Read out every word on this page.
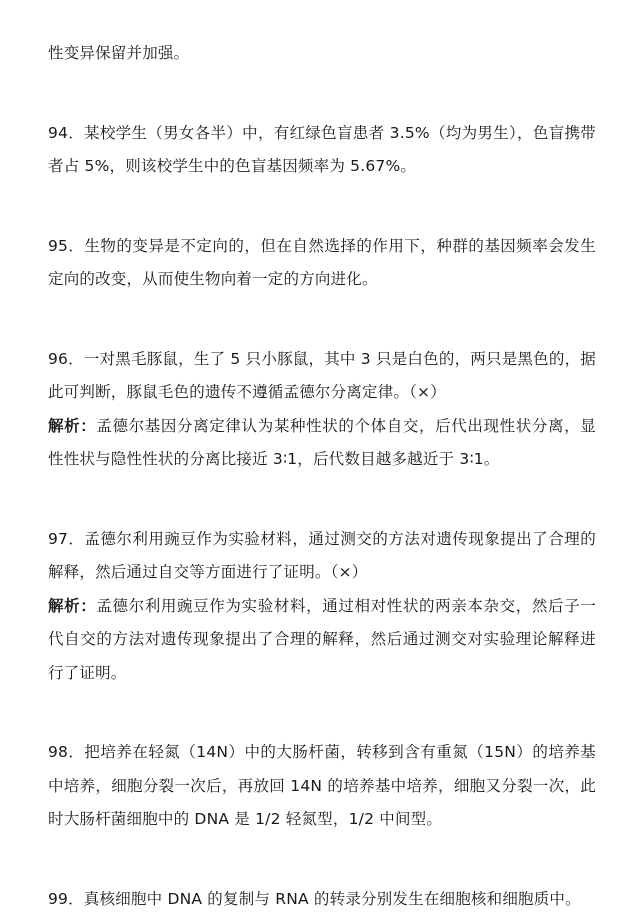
性变异保留并加强。

94．某校学生（男女各半）中，有红绿色盲患者 3.5%（均为男生），色盲携带者占 5%，则该校学生中的色盲基因频率为 5.67%。

95．生物的变异是不定向的，但在自然选择的作用下，种群的基因频率会发生定向的改变，从而使生物向着一定的方向进化。

96．一对黑毛豚鼠，生了 5 只小豚鼠，其中 3 只是白色的，两只是黑色的，据此可判断，豚鼠毛色的遗传不遵循孟德尔分离定律。（×）

解析：孟德尔基因分离定律认为某种性状的个体自交，后代出现性状分离，显性性状与隐性性状的分离比接近 3∶1，后代数目越多越近于 3∶1。

97．孟德尔利用豌豆作为实验材料，通过测交的方法对遗传现象提出了合理的解释，然后通过自交等方面进行了证明。（×）

解析：孟德尔利用豌豆作为实验材料，通过相对性状的两亲本杂交，然后子一代自交的方法对遗传现象提出了合理的解释，然后通过测交对实验理论解释进行了证明。

98．把培养在轻氮（14N）中的大肠杆菌，转移到含有重氮（15N）的培养基中培养，细胞分裂一次后，再放回 14N 的培养基中培养，细胞又分裂一次，此时大肠杆菌细胞中的 DNA 是 1/2 轻氮型，1/2 中间型。

99．真核细胞中 DNA 的复制与 RNA 的转录分别发生在细胞核和细胞质中。
